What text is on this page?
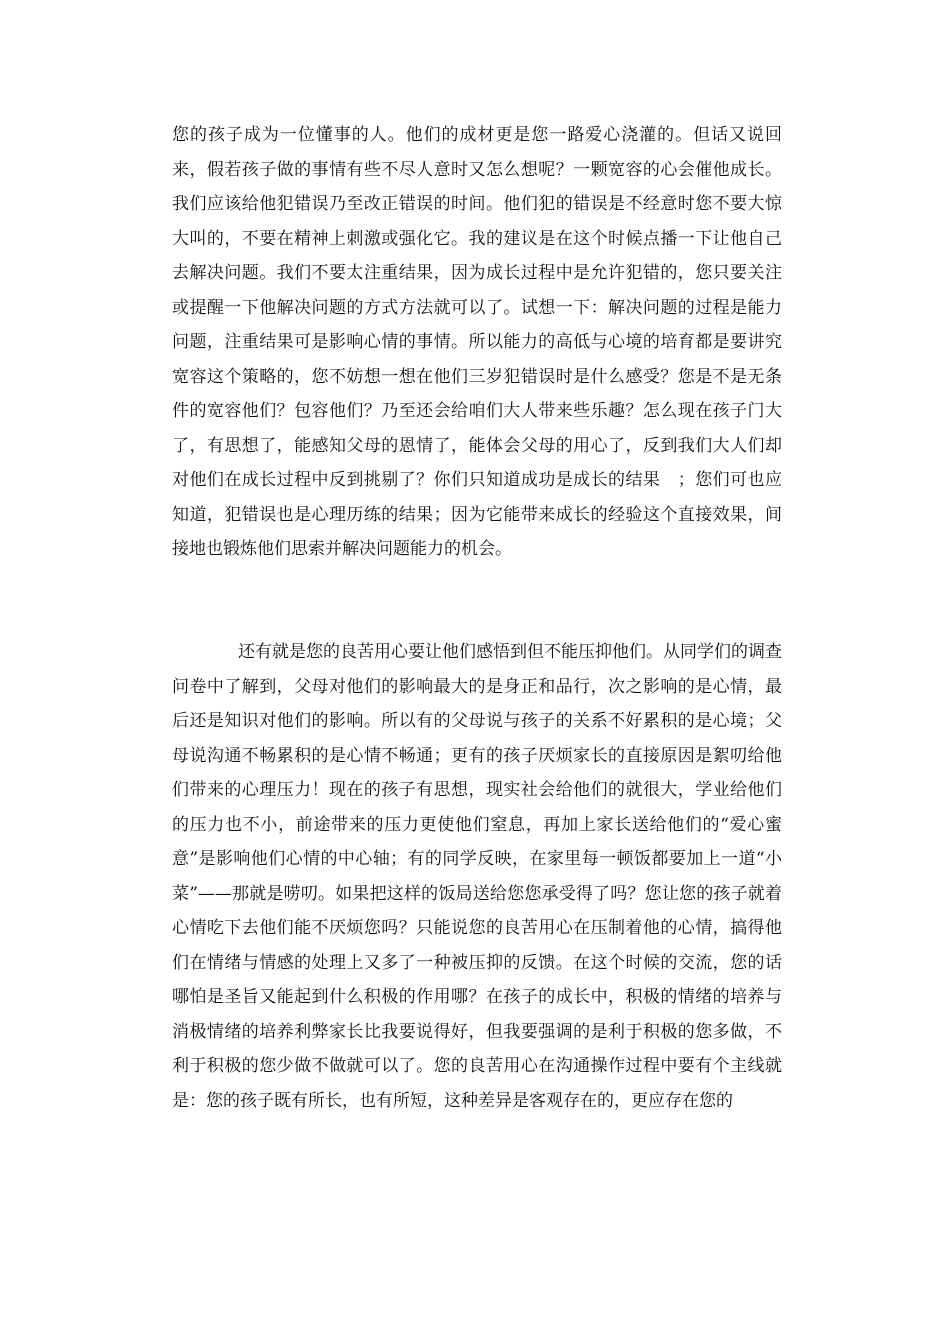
您的孩子成为一位懂事的人。他们的成材更是您一路爱心浇灌的。但话又说回来，假若孩子做的事情有些不尽人意时又怎么想呢？一颗宽容的心会催他成长。我们应该给他犯错误乃至改正错误的时间。他们犯的错误是不经意时您不要大惊大叫的，不要在精神上刺激或强化它。我的建议是在这个时候点播一下让他自己去解决问题。我们不要太注重结果，因为成长过程中是允许犯错的，您只要关注或提醒一下他解决问题的方式方法就可以了。试想一下：解决问题的过程是能力问题，注重结果可是影响心情的事情。所以能力的高低与心境的培育都是要讲究宽容这个策略的，您不妨想一想在他们三岁犯错误时是什么感受？您是不是无条件的宽容他们？包容他们？乃至还会给咱们大人带来些乐趣？怎么现在孩子门大了，有思想了，能感知父母的恩情了，能体会父母的用心了，反到我们大人们却对他们在成长过程中反到挑剔了？你们只知道成功是成长的结果　；您们可也应知道，犯错误也是心理历练的结果；因为它能带来成长的经验这个直接效果，间接地也锻炼他们思索并解决问题能力的机会。

还有就是您的良苦用心要让他们感悟到但不能压抑他们。从同学们的调查问卷中了解到，父母对他们的影响最大的是身正和品行，次之影响的是心情，最后还是知识对他们的影响。所以有的父母说与孩子的关系不好累积的是心境；父母说沟通不畅累积的是心情不畅通；更有的孩子厌烦家长的直接原因是絮叨给他们带来的心理压力！现在的孩子有思想，现实社会给他们的就很大，学业给他们的压力也不小，前途带来的压力更使他们窒息，再加上家长送给他们的“爱心蜜意”是影响他们心情的中心轴；有的同学反映，在家里每一顿饭都要加上一道“小菜”——那就是唠叨。如果把这样的饭局送给您您承受得了吗？您让您的孩子就着心情吃下去他们能不厌烦您吗？只能说您的良苦用心在压制着他的心情，搞得他们在情绪与情感的处理上又多了一种被压抑的反馈。在这个时候的交流，您的话哪怕是圣旨又能起到什么积极的作用哪？在孩子的成长中，积极的情绪的培养与消极情绪的培养利弊家长比我要说得好，但我要强调的是利于积极的您多做，不利于积极的您少做不做就可以了。您的良苦用心在沟通操作过程中要有个主线就是：您的孩子既有所长，也有所短，这种差异是客观存在的，更应存在您的
